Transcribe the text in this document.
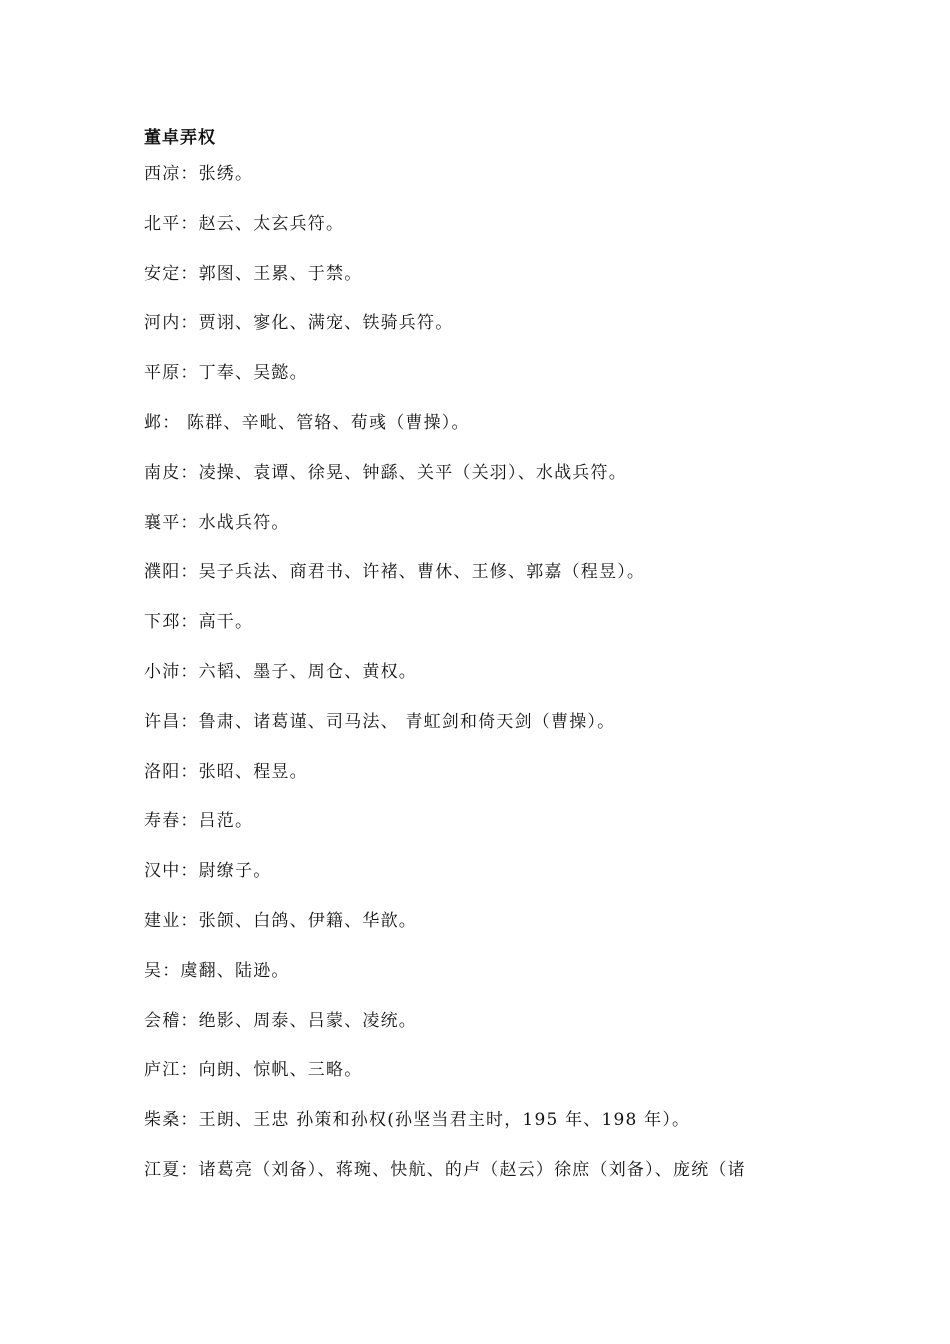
董卓弄权
西凉：张绣。
北平：赵云、太玄兵符。
安定：郭图、王累、于禁。
河内：贾诩、寥化、满宠、铁骑兵符。
平原：丁奉、吴懿。
邺： 陈群、辛毗、管辂、荀彧（曹操）。
南皮：凌操、袁谭、徐晃、钟繇、关平（关羽）、水战兵符。
襄平：水战兵符。
濮阳：吴子兵法、商君书、许褚、曹休、王修、郭嘉（程昱）。
下邳：高干。
小沛：六韬、墨子、周仓、黄权。
许昌：鲁肃、诸葛谨、司马法、 青虹剑和倚天剑（曹操）。
洛阳：张昭、程昱。
寿春：吕范。
汉中：尉缭子。
建业：张颌、白鸽、伊籍、华歆。
吴：虞翻、陆逊。
会稽：绝影、周泰、吕蒙、凌统。
庐江：向朗、惊帆、三略。
柴桑：王朗、王忠 孙策和孙权(孙坚当君主时，195 年、198 年）。
江夏：诸葛亮（刘备）、蒋琬、快航、的卢（赵云）徐庶（刘备）、庞统（诸
